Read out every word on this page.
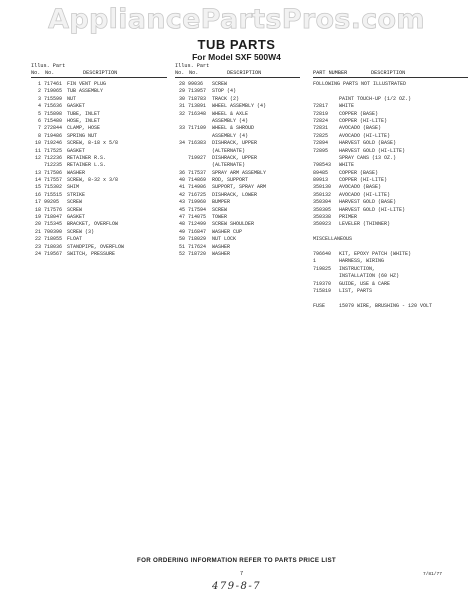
AppliancePartsPros.com
TUB PARTS
For Model SXF 500W4
Illus. Part
No. No.	DESCRIPTION
1 717461 FIN VENT PLUG
2 719065 TUB ASSEMBLY
3 715599 NUT
4 715636 GASKET
5 715898 TUBE, INLET
6 715480 HOSE, INLET
7 272844 CLAMP, HOSE
8 719486 SPRING NUT
10 719246 SCREW, 8-18 x 5/8
11 717525 GASKET
12 712236 RETAINER R.S.
712235 RETAINER L.S.
13 717506 WASHER
14 717557 SCREW, 8-32 x 3/8
15 715302 SHIM
16 715515 STRIKE
17 99205 SCREW
18 717576 SCREW
19 718047 GASKET
20 715345 BRACKET, OVERFLOW
21 700390 SCREW (3)
22 718055 FLOAT
23 718036 STANDPIPE, OVERFLOW
24 719567 SWITCH, PRESSURE
Illus. Part
No. No.	DESCRIPTION
28 99036 SCREW
29 713957 STOP (4)
30 718783 TRACK (2)
31 713891 WHEEL ASSEMBLY (4)
32 716348 WHEEL & AXLE
ASSEMBLY (4)
33 717109 WHEEL & SHROUD
ASSEMBLY (4)
34 716383 DISHRACK, UPPER
(ALTERNATE)
719927 DISHRACK, UPPER
(ALTERNATE)
36 717537 SPRAY ARM ASSEMBLY
40 714869 ROD, SUPPORT
41 714906 SUPPORT, SPRAY ARM
42 716725 DISHRACK, LOWER
43 719960 BUMPER
45 717594 SCREW
47 714075 TOWER
48 712499 SCREW SHOULDER
49 716847 WASHER CUP
50 718029 NUT LOCK
51 717624 WASHER
52 718720 WASHER
PART NUMBER	DESCRIPTION
FOLLOWING PARTS NOT ILLUSTRATED
PAINT TOUCH-UP (1/2 OZ.)
72817 WHITE
72819 COPPER (BASE)
72824 COPPER (HI-LITE)
72831 AVOCADO (BASE)
72825 AVOCADO (HI-LITE)
72894 HARVEST GOLD (BASE)
72895 HARVEST GOLD (HI-LITE)
SPRAY CANS (13 OZ.)
798543 WHITE
89485 COPPER (BASE)
89913 COPPER (HI-LITE)
350130 AVOCADO (BASE)
350132 AVOCADO (HI-LITE)
350304 HARVEST GOLD (BASE)
350305 HARVEST GOLD (HI-LITE)
350338 PRIMER
350923 LEVELER (THINNER)
MISCELLANEOUS
796640 KIT, EPOXY PATCH (WHITE)
1	HARNESS, WIRING
719825 INSTRUCTION,
INSTALLATION (60 HZ)
719370 GUIDE, USE & CARE
715819 LIST, PARTS
FUSE	15079 WIRE, BRUSHING - 120 VOLT
FOR ORDERING INFORMATION REFER TO PARTS PRICE LIST
7	7/81/77
479-8-7
